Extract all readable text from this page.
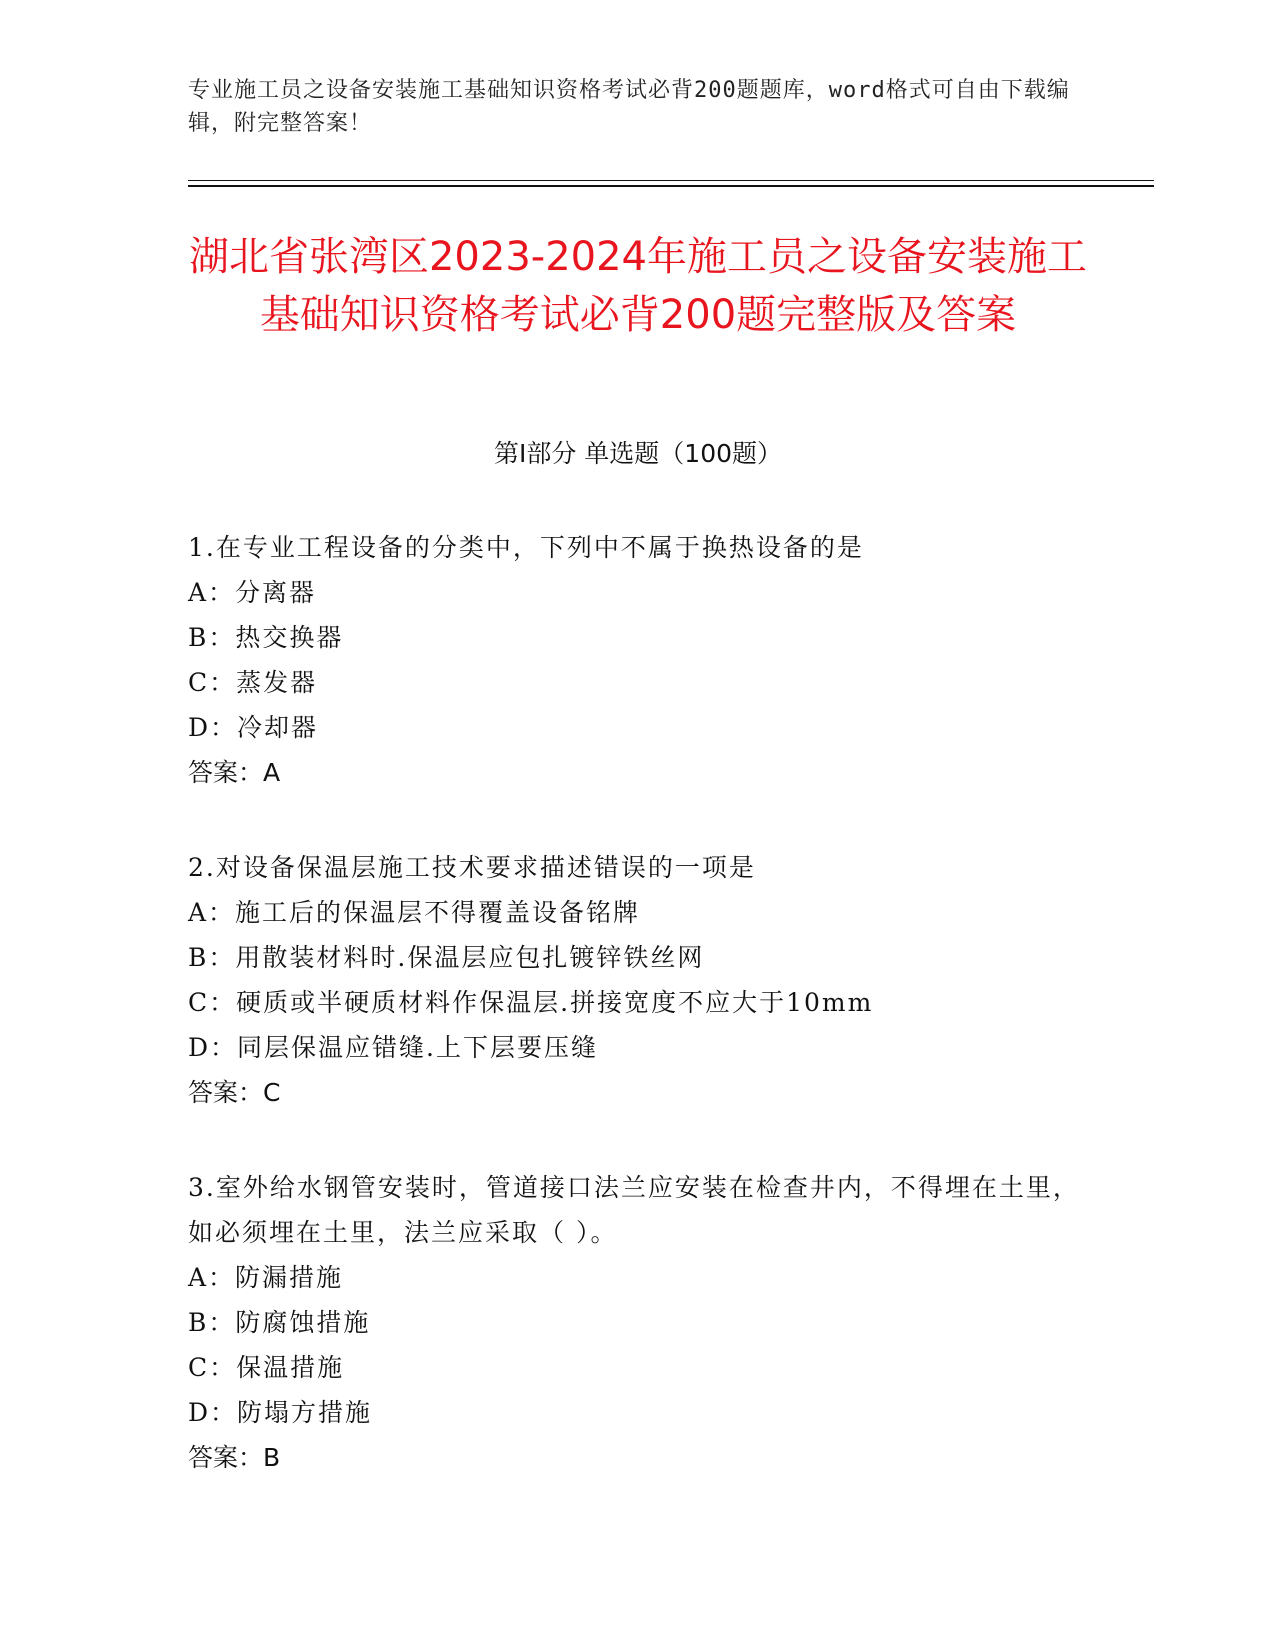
专业施工员之设备安装施工基础知识资格考试必背200题题库，word格式可自由下载编辑，附完整答案！
湖北省张湾区2023-2024年施工员之设备安装施工基础知识资格考试必背200题完整版及答案
第Ⅰ部分 单选题（100题）

1.在专业工程设备的分类中，下列中不属于换热设备的是

A：分离器

B：热交换器

C：蒸发器

D：冷却器

答案：A

2.对设备保温层施工技术要求描述错误的一项是

A：施工后的保温层不得覆盖设备铭牌

B：用散装材料时.保温层应包扎镀锌铁丝网

C：硬质或半硬质材料作保温层.拼接宽度不应大于10mm

D：同层保温应错缝.上下层要压缝

答案：C

3.室外给水钢管安装时，管道接口法兰应安装在检查井内，不得埋在土里，如必须埋在土里，法兰应采取（ ）。

A：防漏措施

B：防腐蚀措施

C：保温措施

D：防塌方措施

答案：B
